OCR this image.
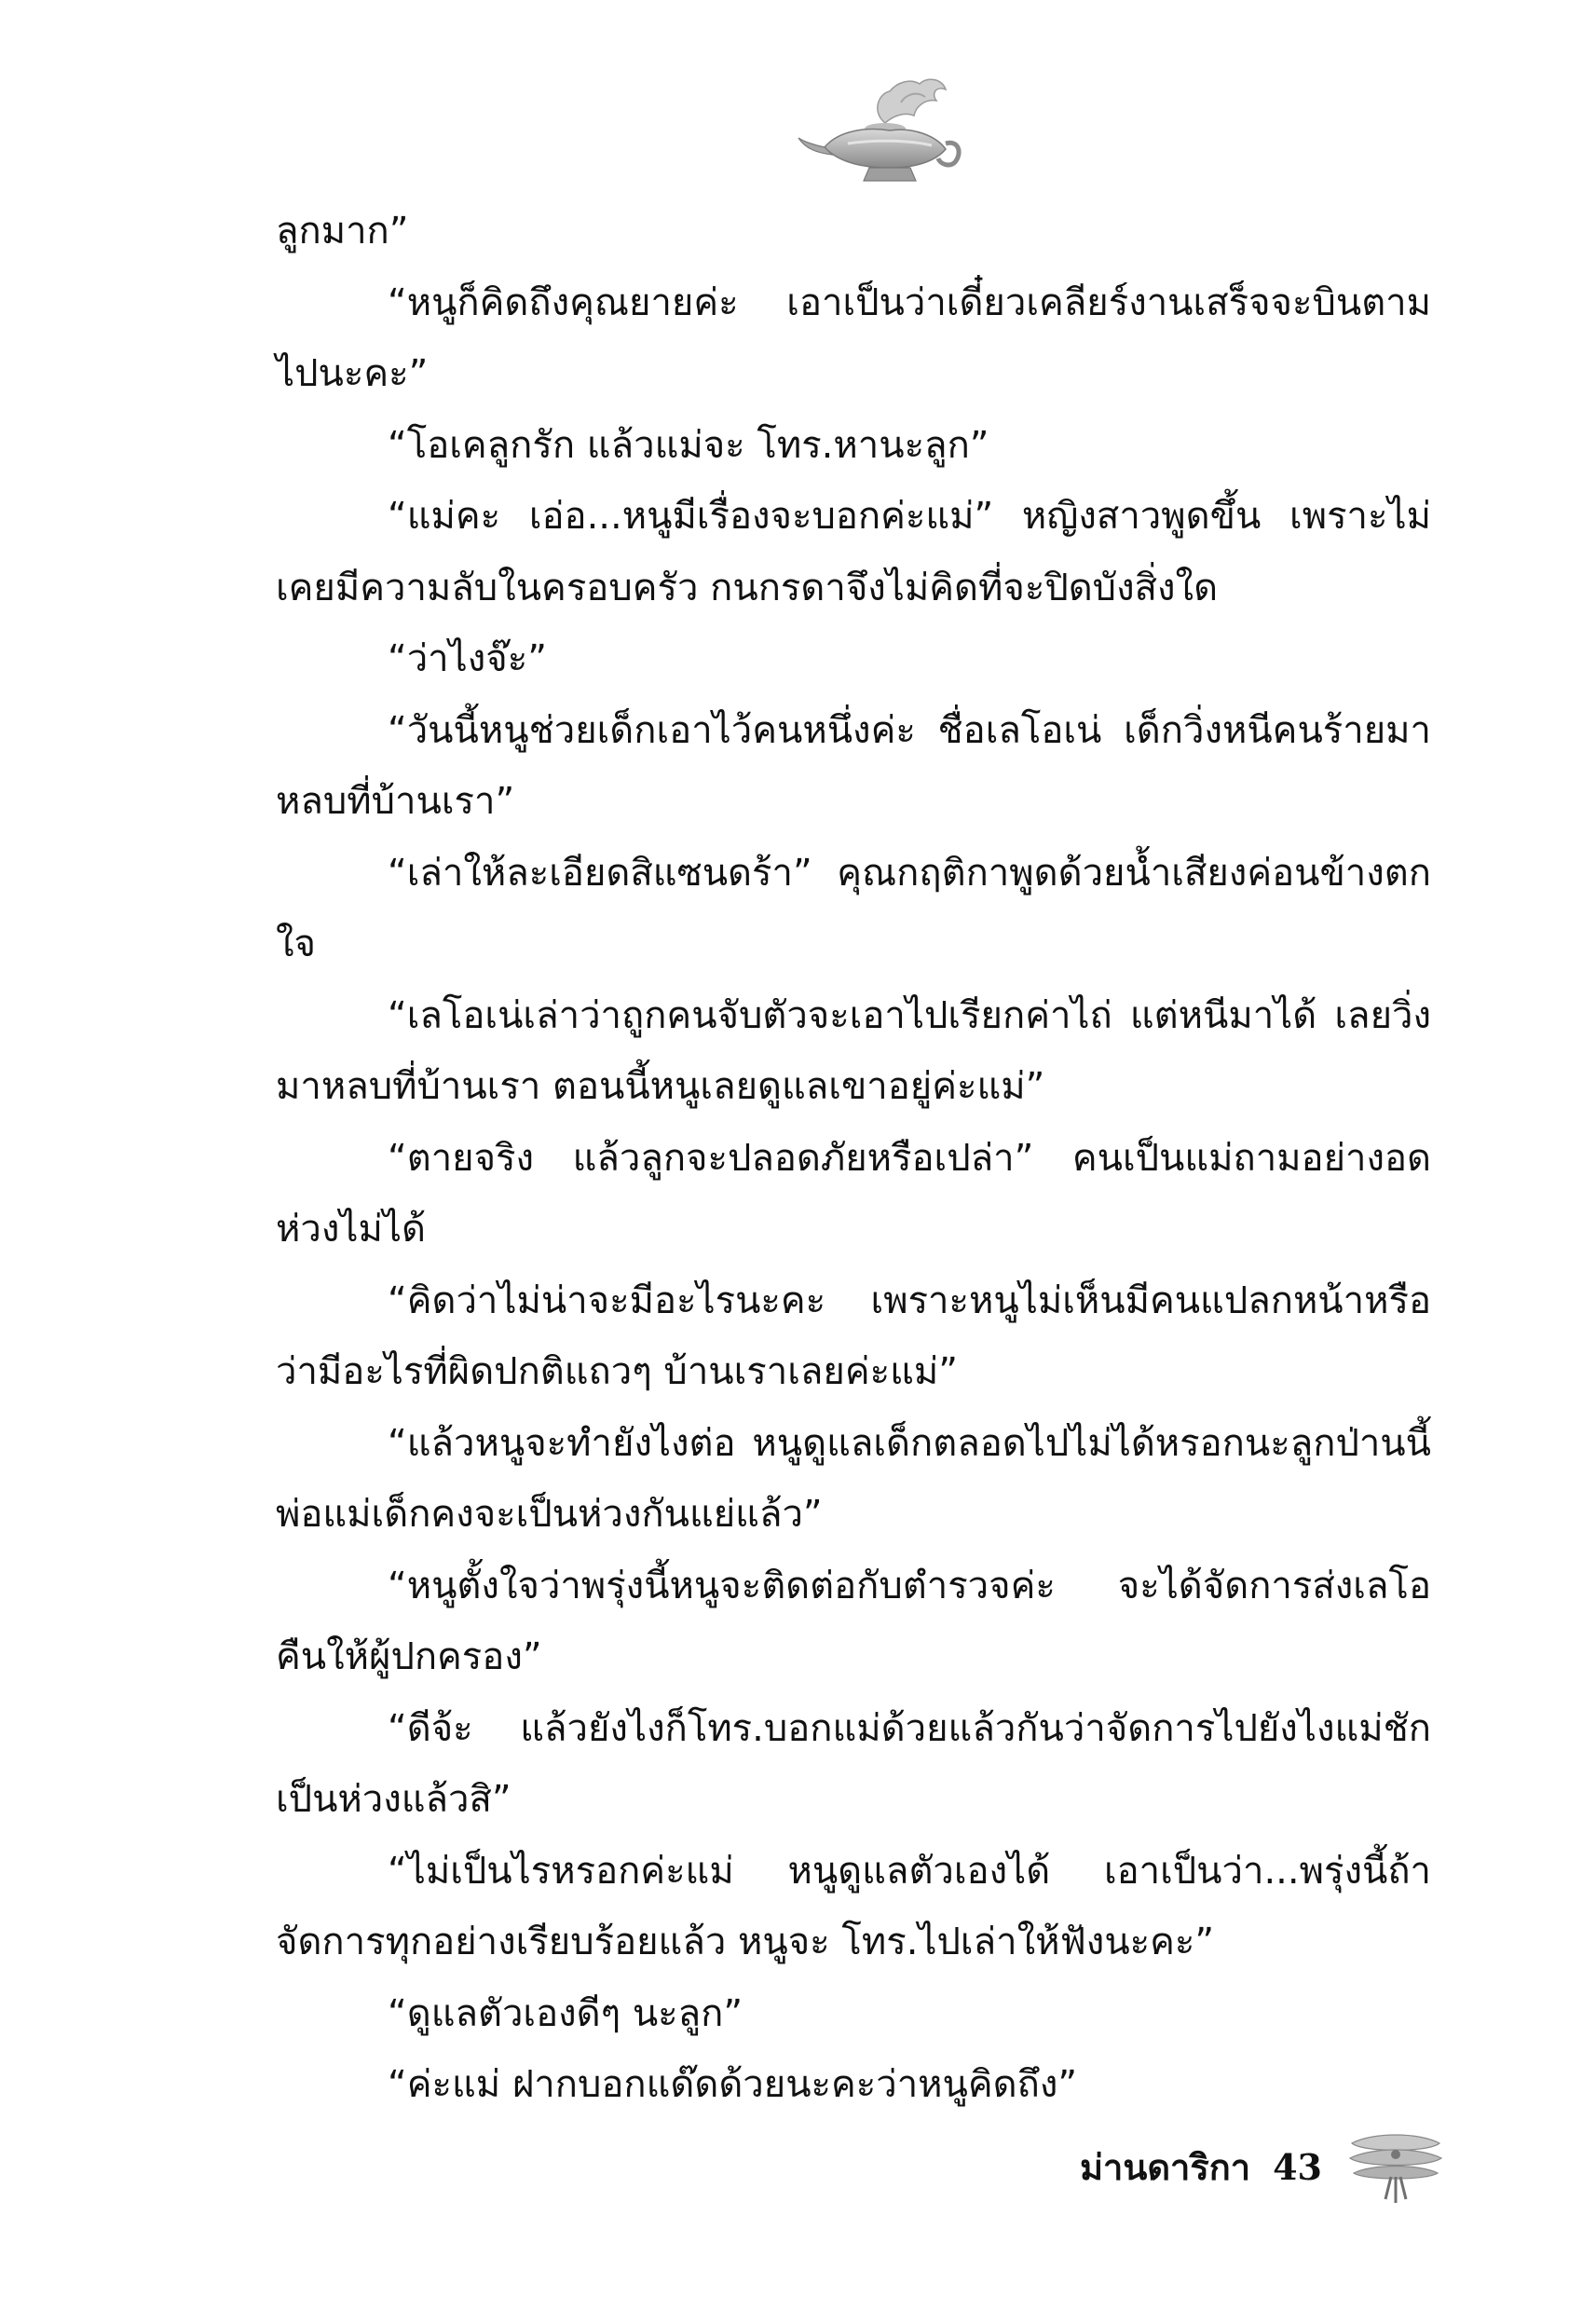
ลูกมาก”

“หนูก็คิดถึงคุณยายค่ะ เอาเป็นว่าเดี๋ยวเคลียร์งานเสร็จจะบินตามไปนะคะ”

“โอเคลูกรัก แล้วแม่จะ โทร.หานะลูก”

“แม่คะ เอ่อ...หนูมีเรื่องจะบอกค่ะแม่” หญิงสาวพูดขึ้น เพราะไม่เคยมีความลับในครอบครัว กนกรดาจึงไม่คิดที่จะปิดบังสิ่งใด

“ว่าไงจ๊ะ”

“วันนี้หนูช่วยเด็กเอาไว้คนหนึ่งค่ะ ชื่อเลโอเน่ เด็กวิ่งหนีคนร้ายมาหลบที่บ้านเรา”

“เล่าให้ละเอียดสิแซนดร้า” คุณกฤติกาพูดด้วยน้ำเสียงค่อนข้างตกใจ

“เลโอเน่เล่าว่าถูกคนจับตัวจะเอาไปเรียกค่าไถ่ แต่หนีมาได้ เลยวิ่งมาหลบที่บ้านเรา ตอนนี้หนูเลยดูแลเขาอยู่ค่ะแม่”

“ตายจริง แล้วลูกจะปลอดภัยหรือเปล่า” คนเป็นแม่ถามอย่างอดห่วงไม่ได้

“คิดว่าไม่น่าจะมีอะไรนะคะ เพราะหนูไม่เห็นมีคนแปลกหน้าหรือว่ามีอะไรที่ผิดปกติแถวๆ บ้านเราเลยค่ะแม่”

“แล้วหนูจะทำยังไงต่อ หนูดูแลเด็กตลอดไปไม่ได้หรอกนะลูกป่านนี้พ่อแม่เด็กคงจะเป็นห่วงกันแย่แล้ว”

“หนูตั้งใจว่าพรุ่งนี้หนูจะติดต่อกับตำรวจค่ะ จะได้จัดการส่งเลโอคืนให้ผู้ปกครอง”

“ดีจ้ะ แล้วยังไงก็โทร.บอกแม่ด้วยแล้วกันว่าจัดการไปยังไงแม่ชักเป็นห่วงแล้วสิ”

“ไม่เป็นไรหรอกค่ะแม่ หนูดูแลตัวเองได้ เอาเป็นว่า...พรุ่งนี้ถ้าจัดการทุกอย่างเรียบร้อยแล้ว หนูจะ โทร.ไปเล่าให้ฟังนะคะ”

“ดูแลตัวเองดีๆ นะลูก”

“ค่ะแม่ ฝากบอกแด๊ดด้วยนะคะว่าหนูคิดถึง”

ม่านดาริกา 43
